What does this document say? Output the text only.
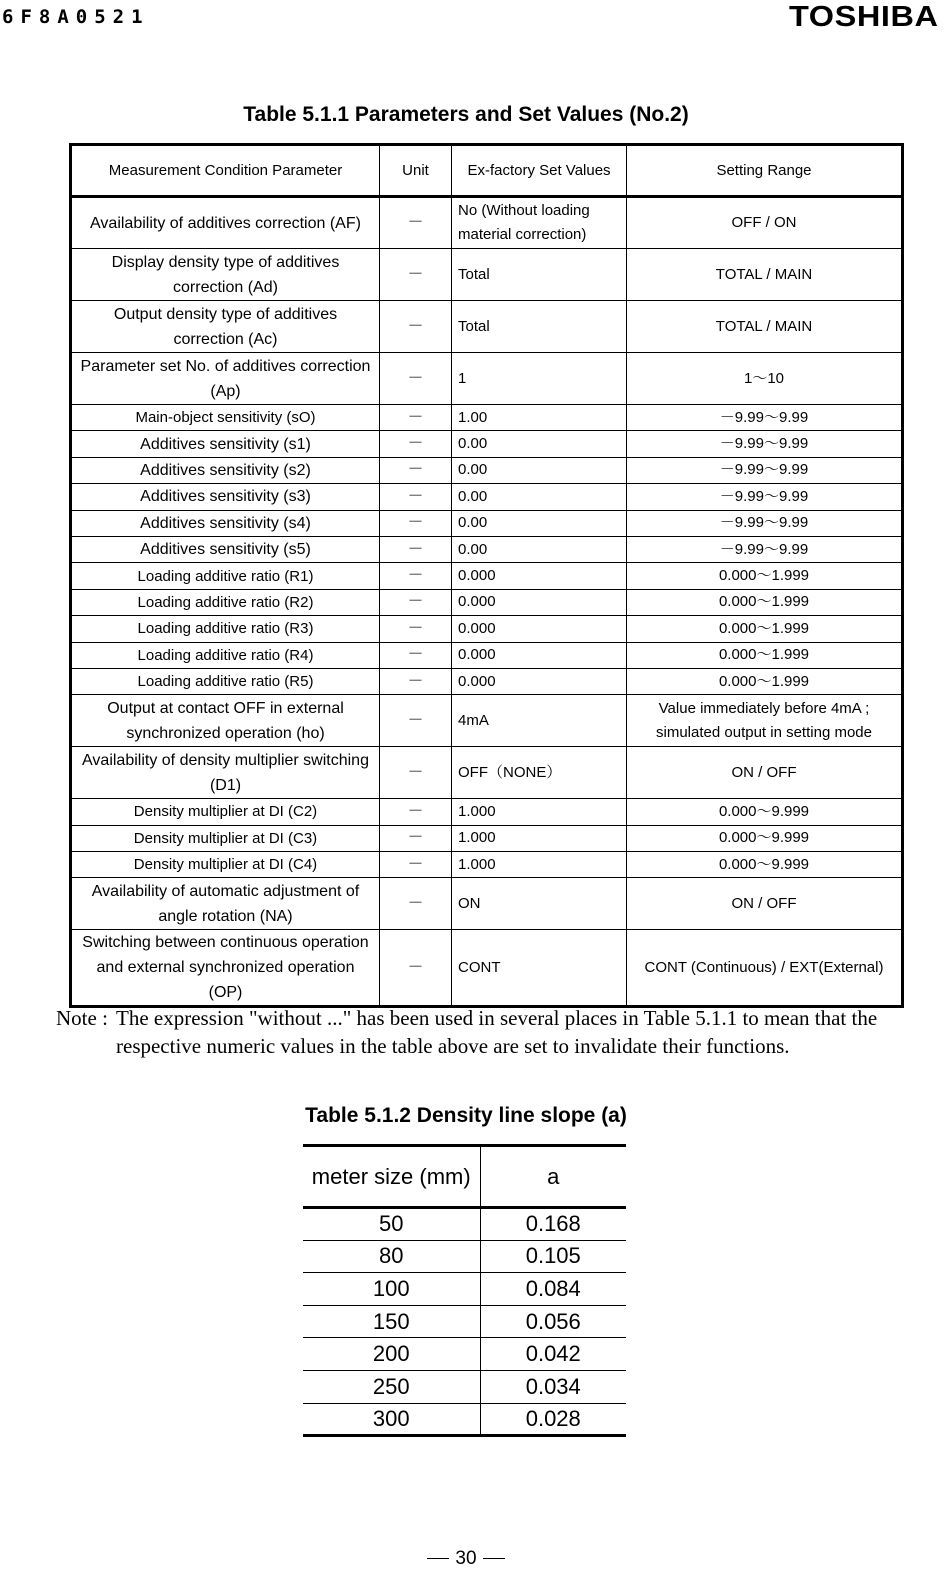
6F8A0521	TOSHIBA
Table 5.1.1 Parameters and Set Values (No.2)
Measurement Condition Parameter	Unit	Ex-factory Set Values	Setting Range
Availability of additives correction (AF)	－	No (Without loading material correction)	OFF / ON
Display density type of additives correction (Ad)	－	Total	TOTAL / MAIN
Output density type of additives correction (Ac)	－	Total	TOTAL / MAIN
Parameter set No. of additives correction (Ap)	－	1	1～10
Main-object sensitivity (sO)	－	1.00	－9.99～9.99
Additives sensitivity (s1)	－	0.00	－9.99～9.99
Additives sensitivity (s2)	－	0.00	－9.99～9.99
Additives sensitivity (s3)	－	0.00	－9.99～9.99
Additives sensitivity (s4)	－	0.00	－9.99～9.99
Additives sensitivity (s5)	－	0.00	－9.99～9.99
Loading additive ratio (R1)	－	0.000	0.000～1.999
Loading additive ratio (R2)	－	0.000	0.000～1.999
Loading additive ratio (R3)	－	0.000	0.000～1.999
Loading additive ratio (R4)	－	0.000	0.000～1.999
Loading additive ratio (R5)	－	0.000	0.000～1.999
Output at contact OFF in external synchronized operation (ho)	－	4mA	Value immediately before 4mA ; simulated output in setting mode
Availability of density multiplier switching (D1)	－	OFF（NONE）	ON / OFF
Density multiplier at DI (C2)	－	1.000	0.000～9.999
Density multiplier at DI (C3)	－	1.000	0.000～9.999
Density multiplier at DI (C4)	－	1.000	0.000～9.999
Availability of automatic adjustment of angle rotation (NA)	－	ON	ON / OFF
Switching between continuous operation and external synchronized operation (OP)	－	CONT	CONT (Continuous) / EXT(External)
Note : The expression "without ..." has been used in several places in Table 5.1.1 to mean that the
respective numeric values in the table above are set to invalidate their functions.
Table 5.1.2 Density line slope (a)
meter size (mm)	a
50	0.168
80	0.105
100	0.084
150	0.056
200	0.042
250	0.034
300	0.028
30
